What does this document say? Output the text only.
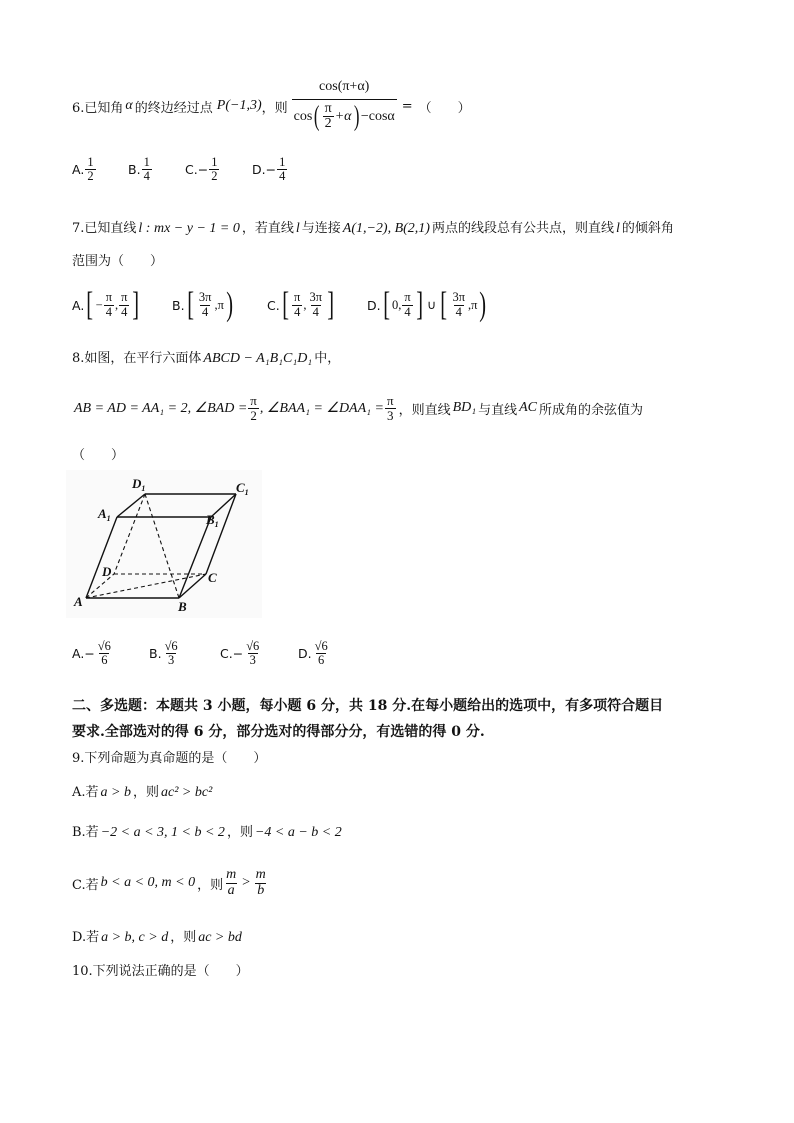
6.已知角 α 的终边经过点 P(−1,3) ，则
cos(π+α)
cos ( $\frac{\pi}{2} +\alpha$ ) −cosα
= （　　）
A. $\frac{1}{2}$	B. $\frac{1}{4}$	C. − $\frac{1}{2}$	D. − $\frac{1}{4}$
7.已知直线 l : mx − y − 1 = 0 ，若直线 l 与连接 A(1,−2), B(2,1) 两点的线段总有公共点，则直线 l 的倾斜角
范围为（　　）
A. [ − $\frac{\pi}{4}$ , $\frac{\pi}{4}$ ]	B. [ $\frac{3\pi}{4} ,\pi$ )	C. [ $\frac{\pi}{4}$ , $\frac{3\pi}{4}$ ]	D. [ 0, $\frac{\pi}{4}$ ] ∪ [ $\frac{3\pi}{4} ,\pi$ )
8.如图，在平行六面体 ABCD − A₁B₁C₁D₁ 中，
AB = AD = AA₁ = 2, ∠BAD = $\frac{\pi}{2}$ , ∠BAA₁ = ∠DAA₁ = $\frac{\pi}{3}$ ，则直线 BD₁ 与直线 AC 所成角的余弦值为
（　　）
$D_1$	$C_1$
$A_1$	$B_1$
D	C
A	B
A. − $\frac{√6}{6}$	B. $\frac{√6}{3}$	C. − $\frac{√6}{3}$	D. $\frac{√6}{6}$
二、多选题：本题共 3 小题，每小题 6 分，共 18 分.在每小题给出的选项中，有多项符合题目
要求.全部选对的得 6 分，部分选对的得部分分，有选错的得 0 分.
9.下列命题为真命题的是（　　）
A.若 a > b ，则 ac² > bc²
B.若 −2 < a < 3, 1 < b < 2 ，则 −4 < a − b < 2
C.若 b < a < 0, m < 0 ，则 $\frac{m}{a} > \frac{m}{b}$
D.若 a > b, c > d ，则 ac > bd
10.下列说法正确的是（　　）
